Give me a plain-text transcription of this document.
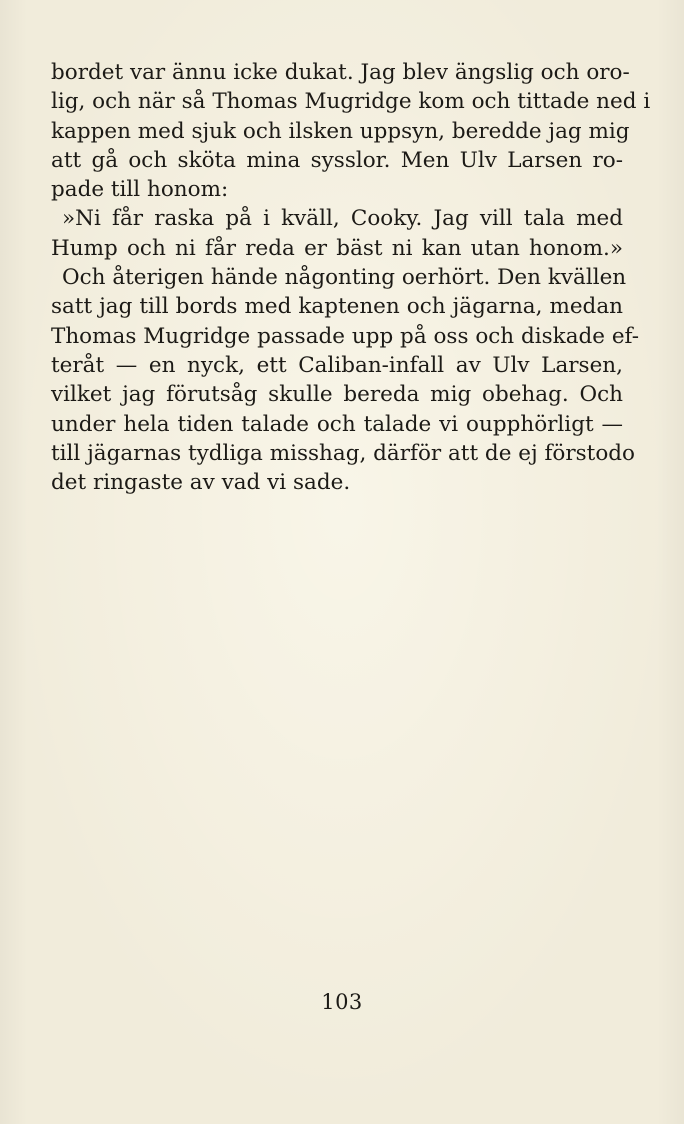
bordet var ännu icke dukat. Jag blev ängslig och oro-
lig, och när så Thomas Mugridge kom och tittade ned i
kappen med sjuk och ilsken uppsyn, beredde jag mig
att gå och sköta mina sysslor. Men Ulv Larsen ro-
pade till honom:
»Ni får raska på i kväll, Cooky. Jag vill tala med
Hump och ni får reda er bäst ni kan utan honom.»
Och återigen hände någonting oerhört. Den kvällen
satt jag till bords med kaptenen och jägarna, medan
Thomas Mugridge passade upp på oss och diskade ef-
teråt — en nyck, ett Caliban-infall av Ulv Larsen,
vilket jag förutsåg skulle bereda mig obehag. Och
under hela tiden talade och talade vi oupphörligt —
till jägarnas tydliga misshag, därför att de ej förstodo
det ringaste av vad vi sade.
103
